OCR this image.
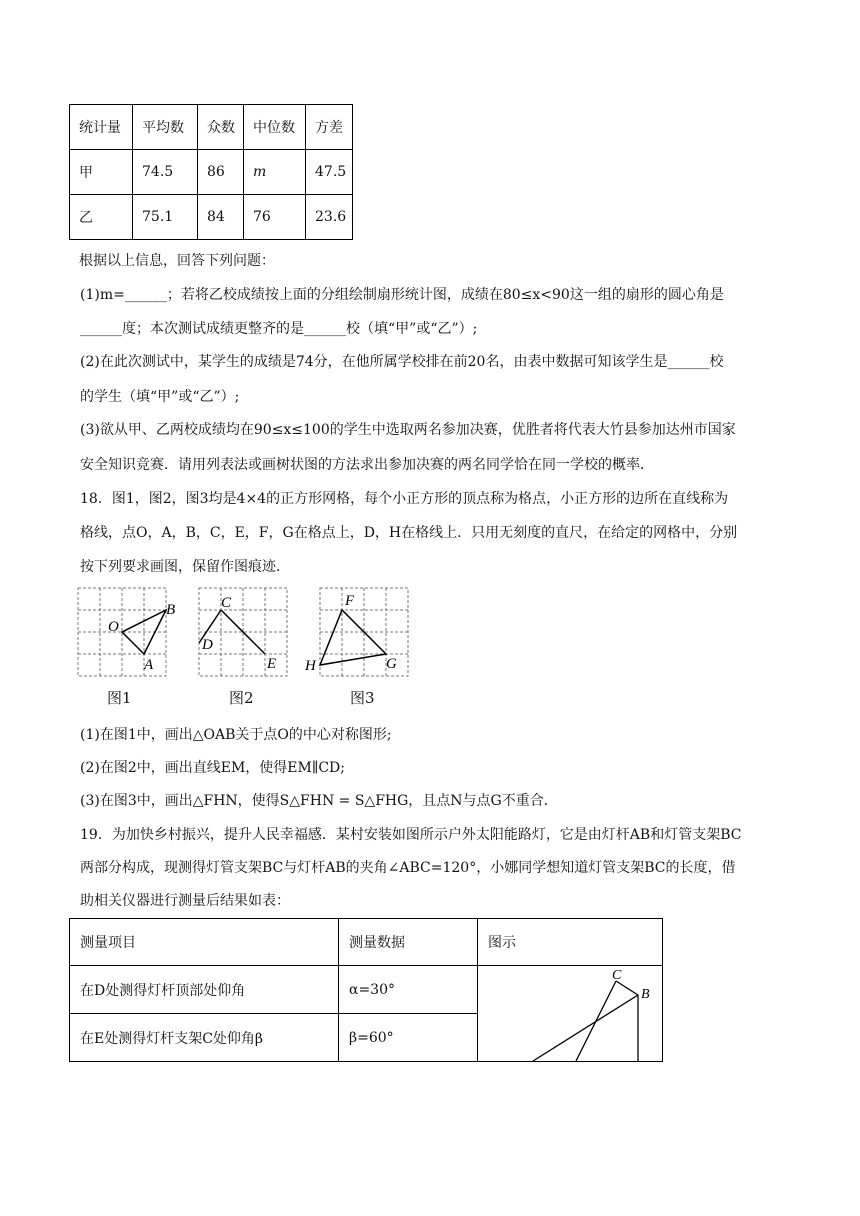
统计量	平均数	众数	中位数	方差
甲	74.5	86	m	47.5
乙	75.1	84	76	23.6
根据以上信息，回答下列问题：
(1)m=______；若将乙校成绩按上面的分组绘制扇形统计图，成绩在80≤x<90这一组的扇形的圆心角是
______度；本次测试成绩更整齐的是______校（填“甲”或“乙”）;
(2)在此次测试中，某学生的成绩是74分，在他所属学校排在前20名，由表中数据可知该学生是______校
的学生（填“甲”或“乙”）;
(3)欲从甲、乙两校成绩均在90≤x≤100的学生中选取两名参加决赛，优胜者将代表大竹县参加达州市国家
安全知识竞赛．请用列表法或画树状图的方法求出参加决赛的两名同学恰在同一学校的概率．
18．图1，图2，图3均是4×4的正方形网格，每个小正方形的顶点称为格点，小正方形的边所在直线称为
格线，点O，A，B，C，E，F，G在格点上，D，H在格线上．只用无刻度的直尺，在给定的网格中，分别
按下列要求画图，保留作图痕迹．
O
B
A
C
D
E
F
H	G
图1	图2	图3
(1)在图1中，画出△OAB关于点O的中心对称图形;
(2)在图2中，画出直线EM，使得EM∥CD;
(3)在图3中，画出△FHN，使得S△FHN = S△FHG，且点N与点G不重合．
19．为加快乡村振兴，提升人民幸福感．某村安装如图所示户外太阳能路灯，它是由灯杆AB和灯管支架BC
两部分构成，现测得灯管支架BC与灯杆AB的夹角∠ABC=120°，小娜同学想知道灯管支架BC的长度，借
助相关仪器进行测量后结果如表：
测量项目	测量数据	图示
在D处测得灯杆顶部处仰角	α=30°	C
B

在E处测得灯杆支架C处仰角β	β=60°	
